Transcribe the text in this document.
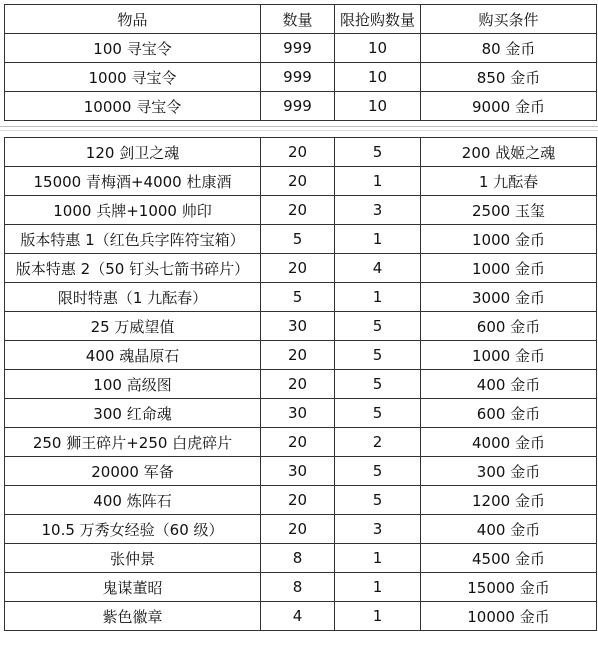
物品	数量	限抢购数量	购买条件
100 寻宝令	999	10	80 金币
1000 寻宝令	999	10	850 金币
10000 寻宝令	999	10	9000 金币
120 剑卫之魂	20	5	200 战姬之魂
15000 青梅酒+4000 杜康酒	20	1	1 九酝春
1000 兵牌+1000 帅印	20	3	2500 玉玺
版本特惠 1（红色兵字阵符宝箱）	5	1	1000 金币
版本特惠 2（50 钉头七箭书碎片）	20	4	1000 金币
限时特惠（1 九酝春）	5	1	3000 金币
25 万威望值	30	5	600 金币
400 魂晶原石	20	5	1000 金币
100 高级图	20	5	400 金币
300 红命魂	30	5	600 金币
250 狮王碎片+250 白虎碎片	20	2	4000 金币
20000 军备	30	5	300 金币
400 炼阵石	20	5	1200 金币
10.5 万秀女经验（60 级）	20	3	400 金币
张仲景	8	1	4500 金币
鬼谋董昭	8	1	15000 金币
紫色徽章	4	1	10000 金币
